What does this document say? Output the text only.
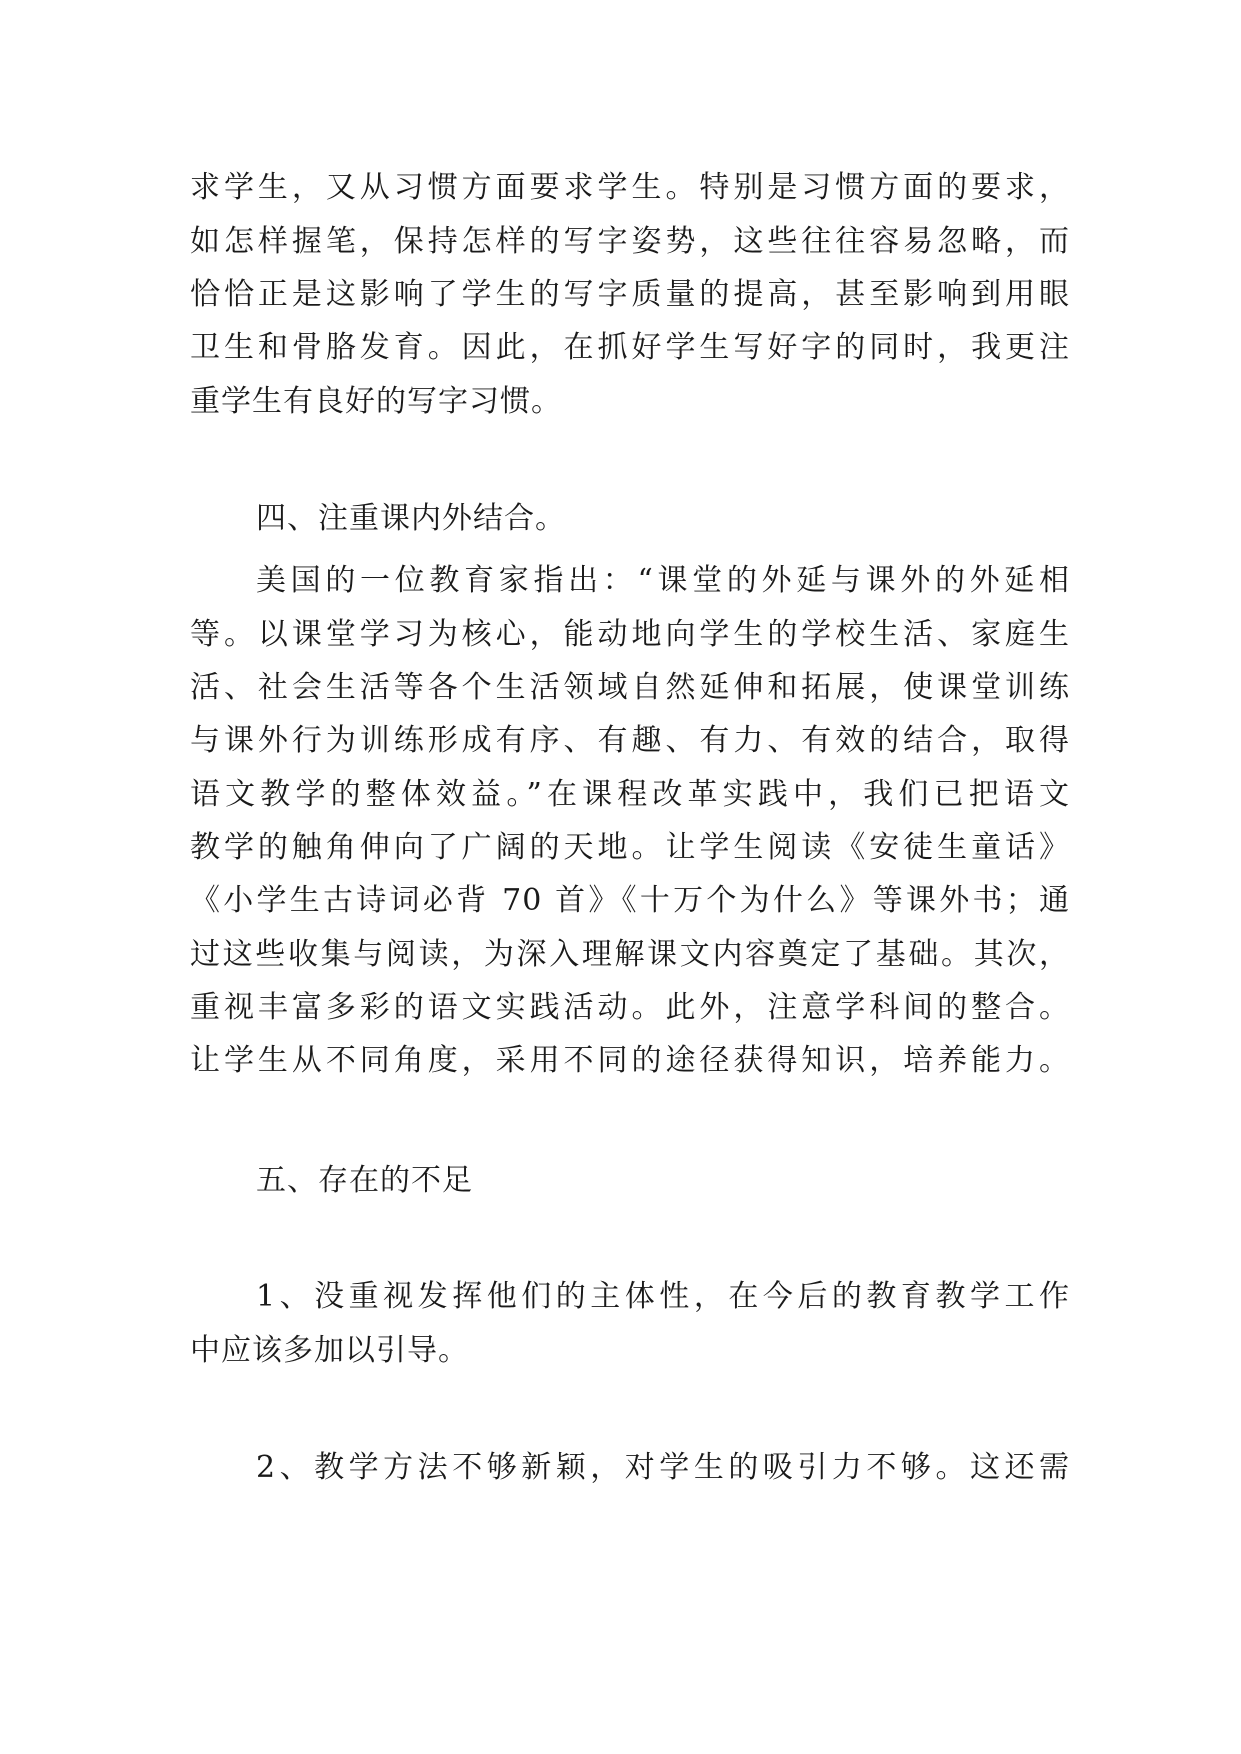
求学生，又从习惯方面要求学生。特别是习惯方面的要求，
如怎样握笔，保持怎样的写字姿势，这些往往容易忽略，而
恰恰正是这影响了学生的写字质量的提高，甚至影响到用眼
卫生和骨胳发育。因此，在抓好学生写好字的同时，我更注
重学生有良好的写字习惯。
四、注重课内外结合。
美国的一位教育家指出：“课堂的外延与课外的外延相
等。以课堂学习为核心，能动地向学生的学校生活、家庭生
活、社会生活等各个生活领域自然延伸和拓展，使课堂训练
与课外行为训练形成有序、有趣、有力、有效的结合，取得
语文教学的整体效益。”在课程改革实践中，我们已把语文
教学的触角伸向了广阔的天地。让学生阅读《安徒生童话》
《小学生古诗词必背 70 首》《十万个为什么》等课外书；通
过这些收集与阅读，为深入理解课文内容奠定了基础。其次，
重视丰富多彩的语文实践活动。此外，注意学科间的整合。
让学生从不同角度，采用不同的途径获得知识，培养能力。
五、存在的不足
1、没重视发挥他们的主体性，在今后的教育教学工作
中应该多加以引导。
2、教学方法不够新颖，对学生的吸引力不够。这还需
